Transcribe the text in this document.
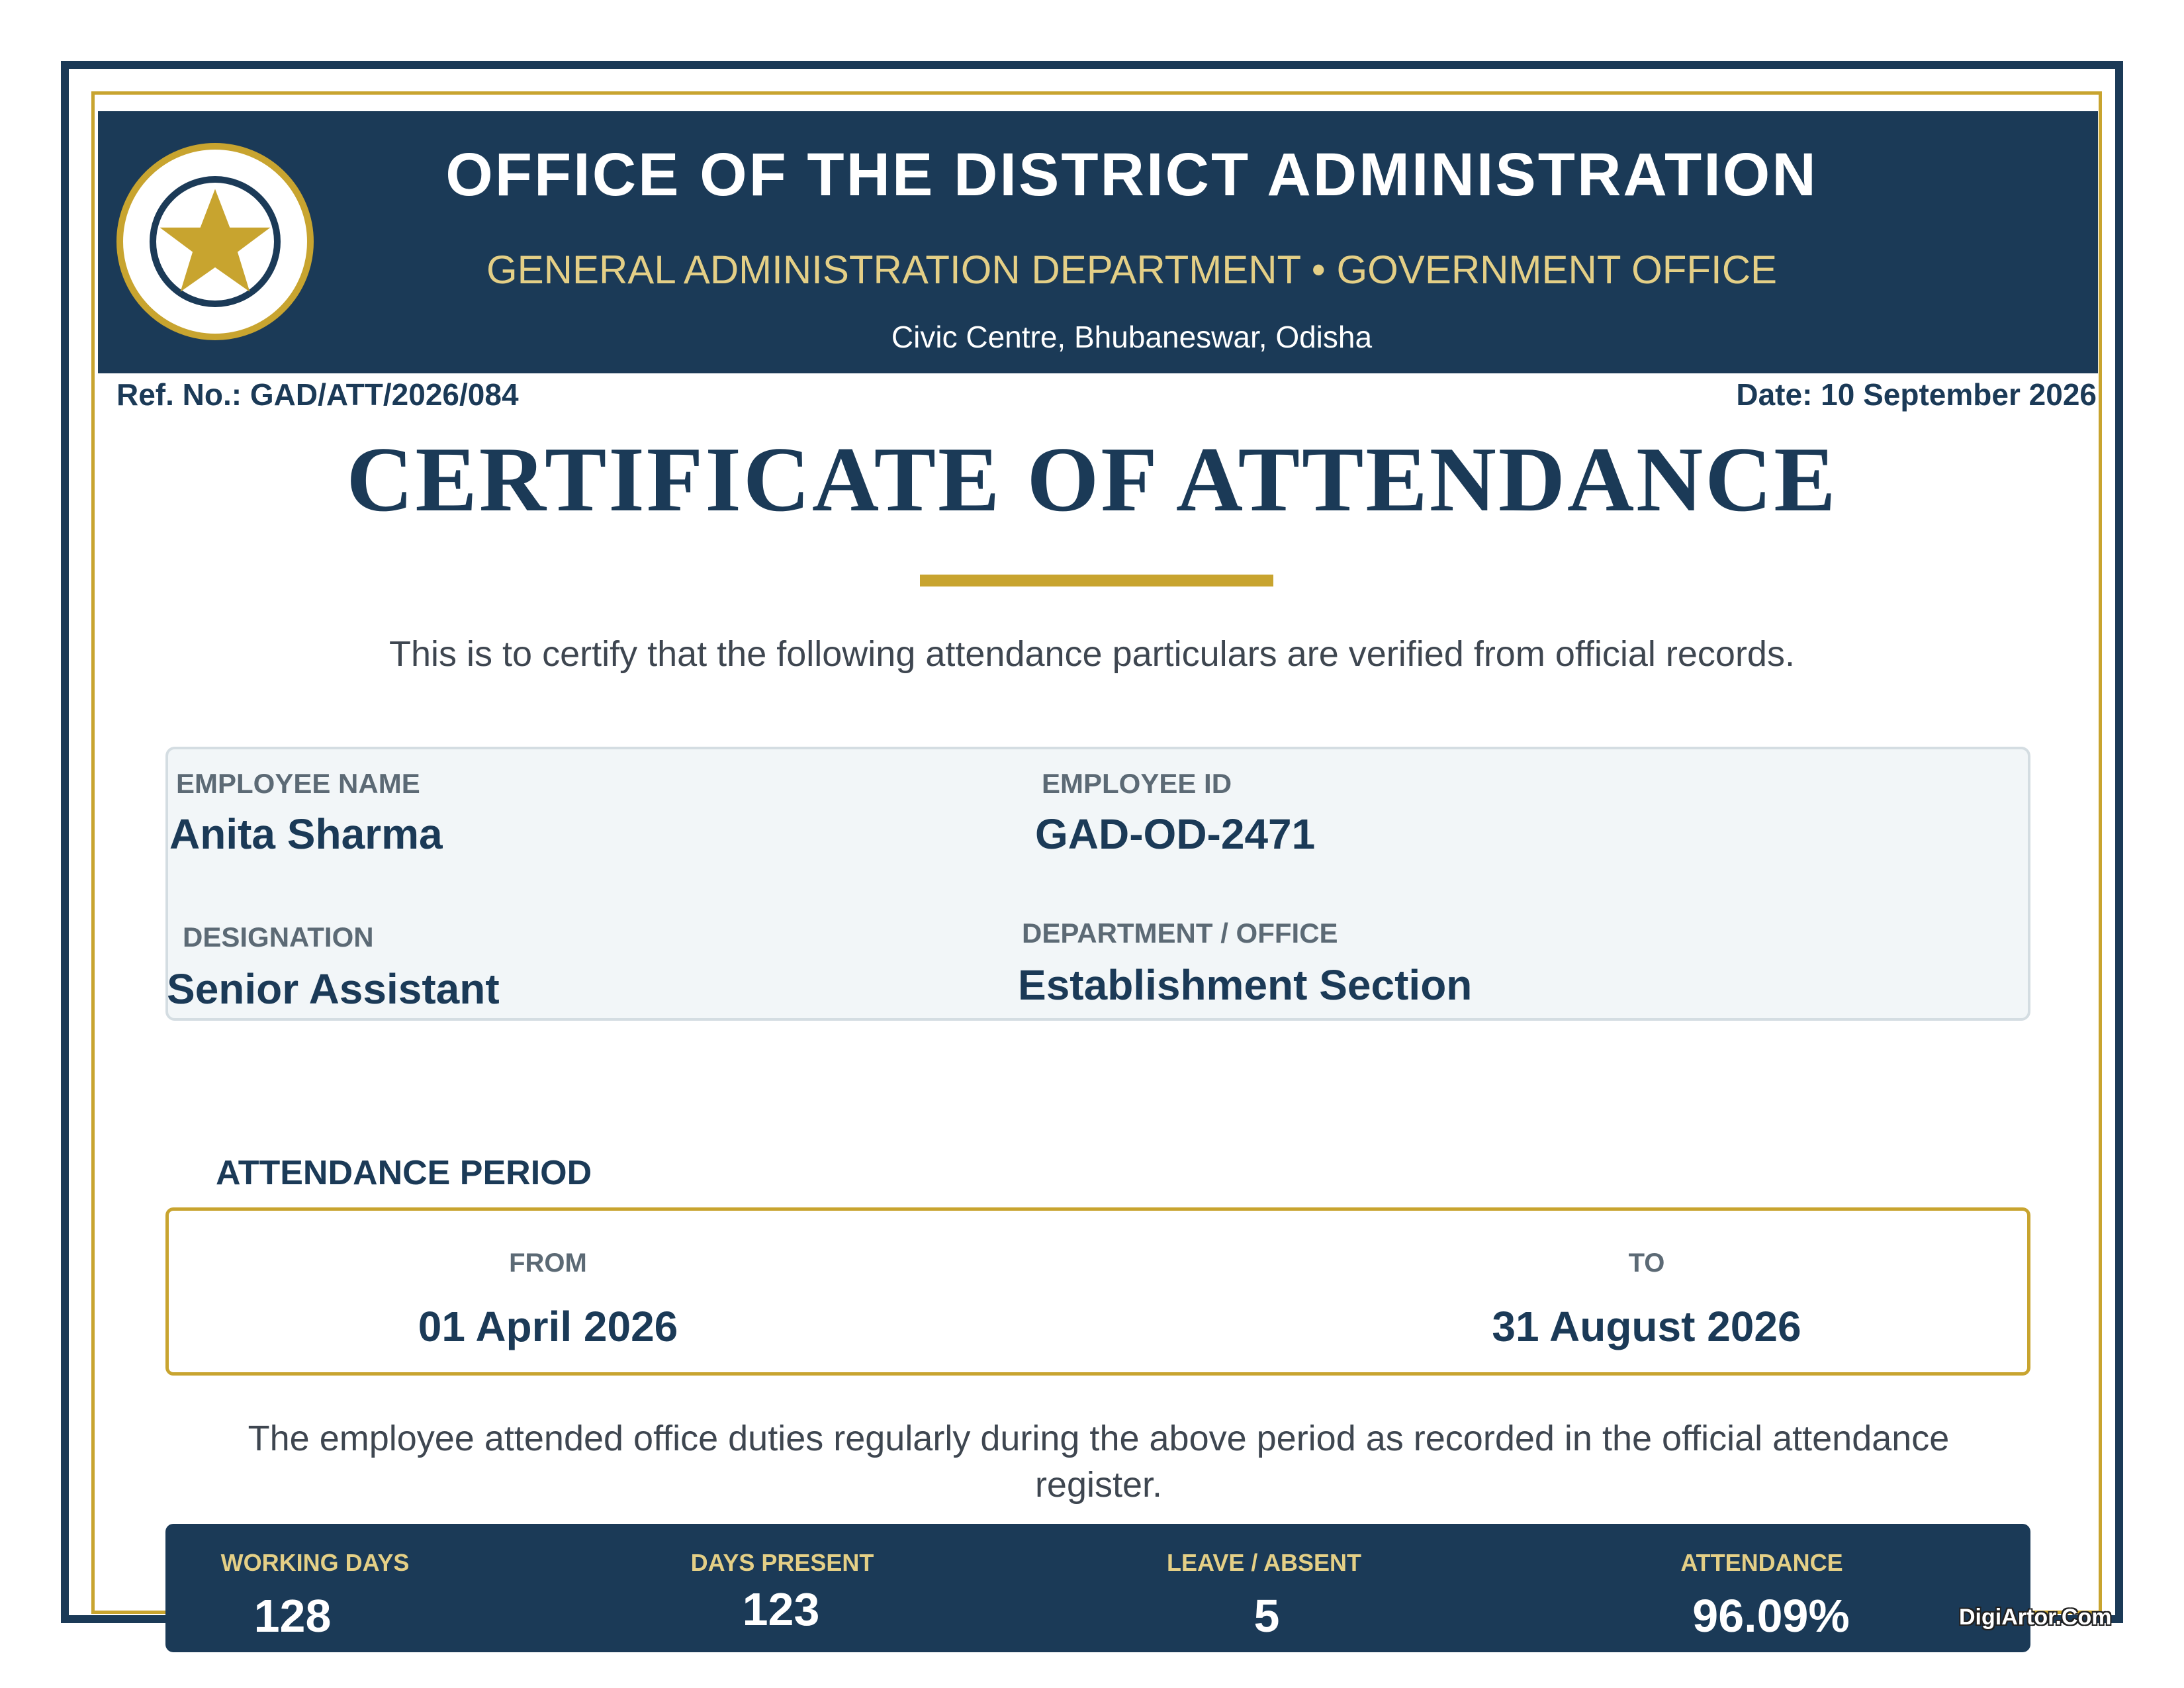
OFFICE OF THE DISTRICT ADMINISTRATION
GENERAL ADMINISTRATION DEPARTMENT • GOVERNMENT OFFICE
Civic Centre, Bhubaneswar, Odisha
Ref. No.: GAD/ATT/2026/084	Date: 10 September 2026
CERTIFICATE OF ATTENDANCE
This is to certify that the following attendance particulars are verified from official records.
EMPLOYEE NAME
Anita Sharma
EMPLOYEE ID
GAD-OD-2471
DESIGNATION
Senior Assistant
DEPARTMENT / OFFICE
Establishment Section
ATTENDANCE PERIOD
FROM
01 April 2026
TO
31 August 2026
The employee attended office duties regularly during the above period as recorded in the official attendance register.
WORKING DAYS
128
DAYS PRESENT
123
LEAVE / ABSENT
5
ATTENDANCE
96.09%	DigiArtor.Com
